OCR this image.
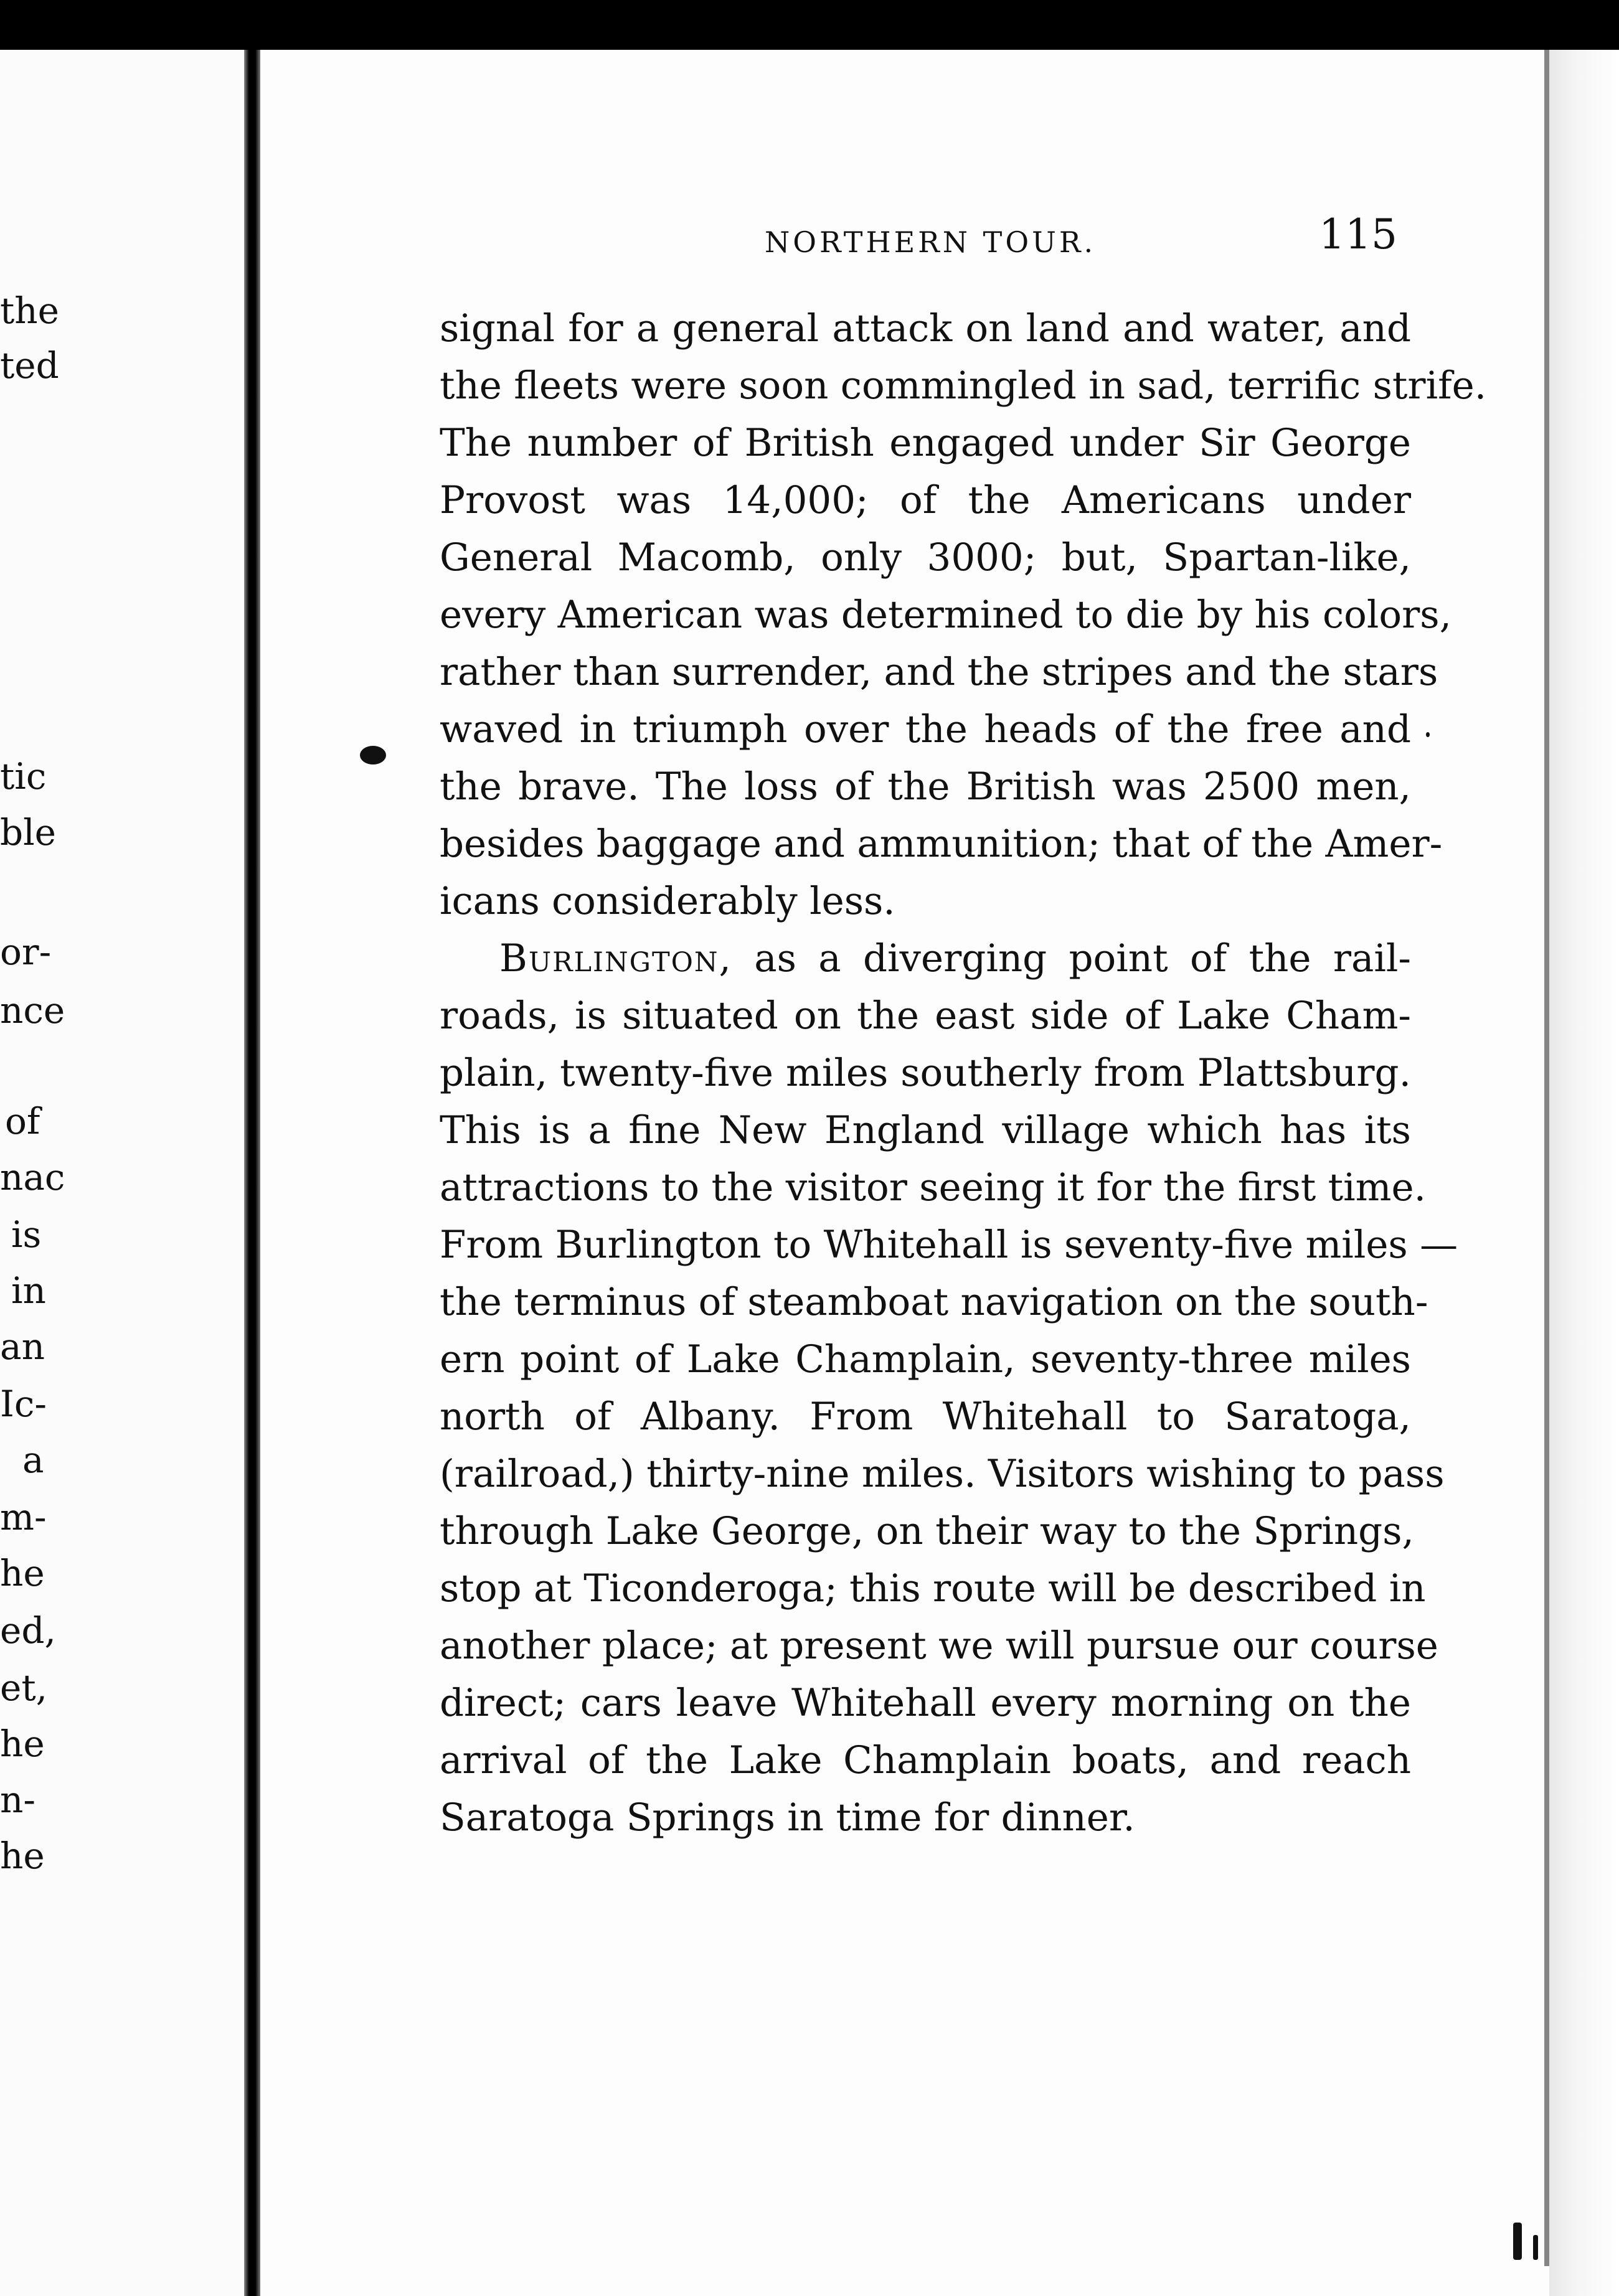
the
ted
tic
ble
or-
nce
of
nac
is
in
an
Ic-
a
m-
he
ed,
et,
he
n-
he
NORTHERN TOUR.	115
signal for a general attack on land and water, and
the fleets were soon commingled in sad, terrific strife.
The number of British engaged under Sir George
Provost was 14,000; of the Americans under
General Macomb, only 3000; but, Spartan-like,
every American was determined to die by his colors,
rather than surrender, and the stripes and the stars
waved in triumph over the heads of the free and
the brave. The loss of the British was 2500 men,
besides baggage and ammunition; that of the Amer-
icans considerably less.
Burlington, as a diverging point of the rail-
roads, is situated on the east side of Lake Cham-
plain, twenty-five miles southerly from Plattsburg.
This is a fine New England village which has its
attractions to the visitor seeing it for the first time.
From Burlington to Whitehall is seventy-five miles —
the terminus of steamboat navigation on the south-
ern point of Lake Champlain, seventy-three miles
north of Albany. From Whitehall to Saratoga,
(railroad,) thirty-nine miles. Visitors wishing to pass
through Lake George, on their way to the Springs,
stop at Ticonderoga; this route will be described in
another place; at present we will pursue our course
direct; cars leave Whitehall every morning on the
arrival of the Lake Champlain boats, and reach
Saratoga Springs in time for dinner.
